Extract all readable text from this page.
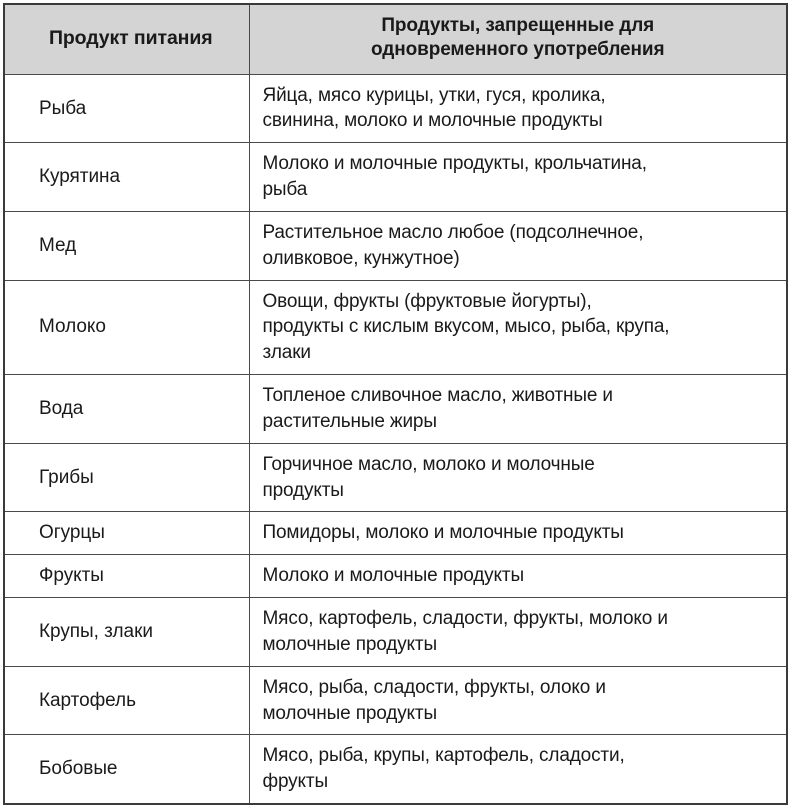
Продукт питания	Продукты, запрещенные для
одновременного употребления

Рыба	Яйца, мясо курицы, утки, гуся, кролика,
свинина, молоко и молочные продукты

Курятина	Молоко и молочные продукты, крольчатина,
рыба

Мед	Растительное масло любое (подсолнечное,
оливковое, кунжутное)

Молоко	Овощи, фрукты (фруктовые йогурты),
продукты с кислым вкусом, мысо, рыба, крупа,
злаки

Вода	Топленое сливочное масло, животные и
растительные жиры

Грибы	Горчичное масло, молоко и молочные
продукты

Огурцы	Помидоры, молоко и молочные продукты

Фрукты	Молоко и молочные продукты

Крупы, злаки	Мясо, картофель, сладости, фрукты, молоко и
молочные продукты

Картофель	Мясо, рыба, сладости, фрукты, олоко и
молочные продукты

Бобовые	Мясо, рыба, крупы, картофель, сладости,
фрукты
